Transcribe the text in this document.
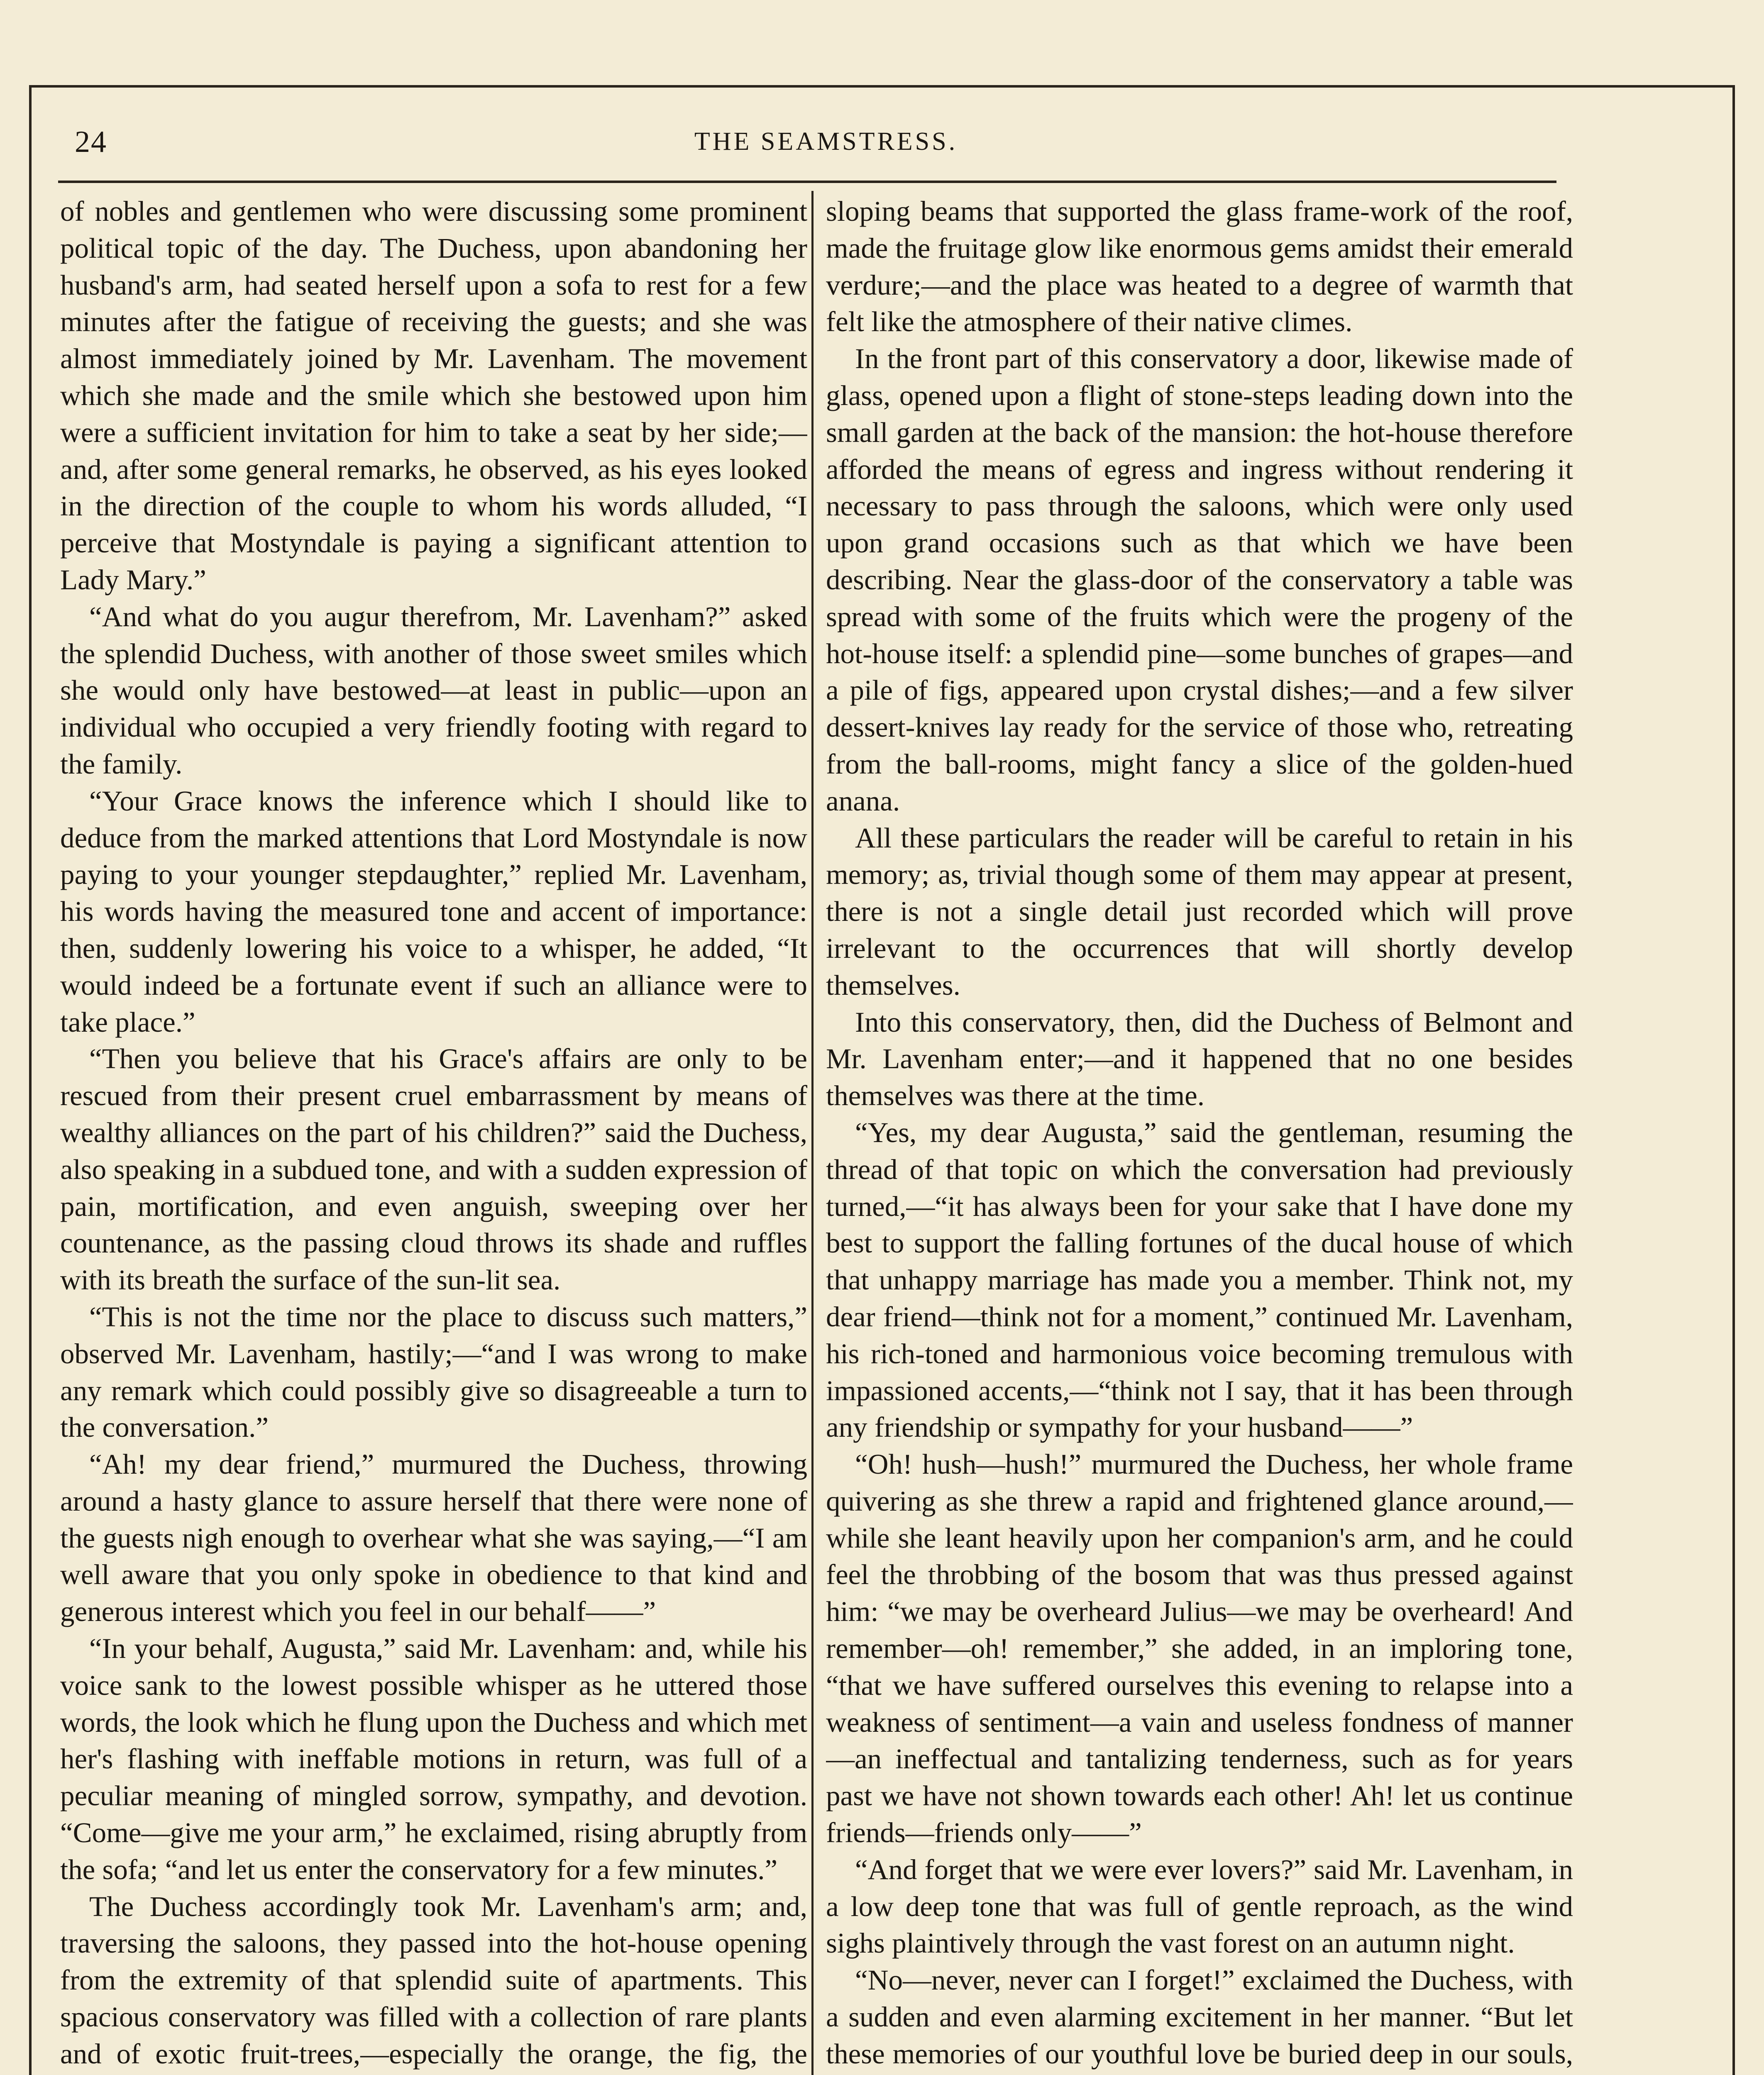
24	THE SEAMSTRESS.

of nobles and gentlemen who were discussing some prominent political topic of the day. The Duchess, upon abandoning her husband's arm, had seated herself upon a sofa to rest for a few minutes after the fatigue of receiving the guests; and she was almost immediately joined by Mr. Lavenham. The movement which she made and the smile which she bestowed upon him were a sufficient invitation for him to take a seat by her side;—and, after some general remarks, he observed, as his eyes looked in the direction of the couple to whom his words alluded, “I perceive that Mostyndale is paying a significant attention to Lady Mary.”

“And what do you augur therefrom, Mr. Lavenham?” asked the splendid Duchess, with another of those sweet smiles which she would only have bestowed—at least in public—upon an individual who occupied a very friendly footing with regard to the family.

“Your Grace knows the inference which I should like to deduce from the marked attentions that Lord Mostyndale is now paying to your younger stepdaughter,” replied Mr. Lavenham, his words having the measured tone and accent of importance: then, suddenly lowering his voice to a whisper, he added, “It would indeed be a fortunate event if such an alliance were to take place.”

“Then you believe that his Grace's affairs are only to be rescued from their present cruel embarrassment by means of wealthy alliances on the part of his children?” said the Duchess, also speaking in a subdued tone, and with a sudden expression of pain, mortification, and even anguish, sweeping over her countenance, as the passing cloud throws its shade and ruffles with its breath the surface of the sun-lit sea.

“This is not the time nor the place to discuss such matters,” observed Mr. Lavenham, hastily;—“and I was wrong to make any remark which could possibly give so disagreeable a turn to the conversation.”

“Ah! my dear friend,” murmured the Duchess, throwing around a hasty glance to assure herself that there were none of the guests nigh enough to overhear what she was saying,—“I am well aware that you only spoke in obedience to that kind and generous interest which you feel in our behalf——”

“In your behalf, Augusta,” said Mr. Lavenham: and, while his voice sank to the lowest possible whisper as he uttered those words, the look which he flung upon the Duchess and which met her's flashing with ineffable motions in return, was full of a peculiar meaning of mingled sorrow, sympathy, and devotion. “Come—give me your arm,” he exclaimed, rising abruptly from the sofa; “and let us enter the conservatory for a few minutes.”

The Duchess accordingly took Mr. Lavenham's arm; and, traversing the saloons, they passed into the hot-house opening from the extremity of that splendid suite of apartments. This spacious conservatory was filled with a collection of rare plants and of exotic fruit-trees,—especially the orange, the fig, the

sloping beams that supported the glass frame-work of the roof, made the fruitage glow like enormous gems amidst their emerald verdure;—and the place was heated to a degree of warmth that felt like the atmosphere of their native climes.

In the front part of this conservatory a door, likewise made of glass, opened upon a flight of stone-steps leading down into the small garden at the back of the mansion: the hot-house therefore afforded the means of egress and ingress without rendering it necessary to pass through the saloons, which were only used upon grand occasions such as that which we have been describing. Near the glass-door of the conservatory a table was spread with some of the fruits which were the progeny of the hot-house itself: a splendid pine—some bunches of grapes—and a pile of figs, appeared upon crystal dishes;—and a few silver dessert-knives lay ready for the service of those who, retreating from the ball-rooms, might fancy a slice of the golden-hued anana.

All these particulars the reader will be careful to retain in his memory; as, trivial though some of them may appear at present, there is not a single detail just recorded which will prove irrelevant to the occurrences that will shortly develop themselves.

Into this conservatory, then, did the Duchess of Belmont and Mr. Lavenham enter;—and it happened that no one besides themselves was there at the time.

“Yes, my dear Augusta,” said the gentleman, resuming the thread of that topic on which the conversation had previously turned,—“it has always been for your sake that I have done my best to support the falling fortunes of the ducal house of which that unhappy marriage has made you a member. Think not, my dear friend—think not for a moment,” continued Mr. Lavenham, his rich-toned and harmonious voice becoming tremulous with impassioned accents,—“think not I say, that it has been through any friendship or sympathy for your husband——”

“Oh! hush—hush!” murmured the Duchess, her whole frame quivering as she threw a rapid and frightened glance around,—while she leant heavily upon her companion's arm, and he could feel the throbbing of the bosom that was thus pressed against him: “we may be overheard Julius—we may be overheard! And remember—oh! remember,” she added, in an imploring tone, “that we have suffered ourselves this evening to relapse into a weakness of sentiment—a vain and useless fondness of manner—an ineffectual and tantalizing tenderness, such as for years past we have not shown towards each other! Ah! let us continue friends—friends only——”

“And forget that we were ever lovers?” said Mr. Lavenham, in a low deep tone that was full of gentle reproach, as the wind sighs plaintively through the vast forest on an autumn night.

“No—never, never can I forget!” exclaimed the Duchess, with a sudden and even alarming excitement in her manner. “But let these memories of our youthful love be buried deep in our souls,
